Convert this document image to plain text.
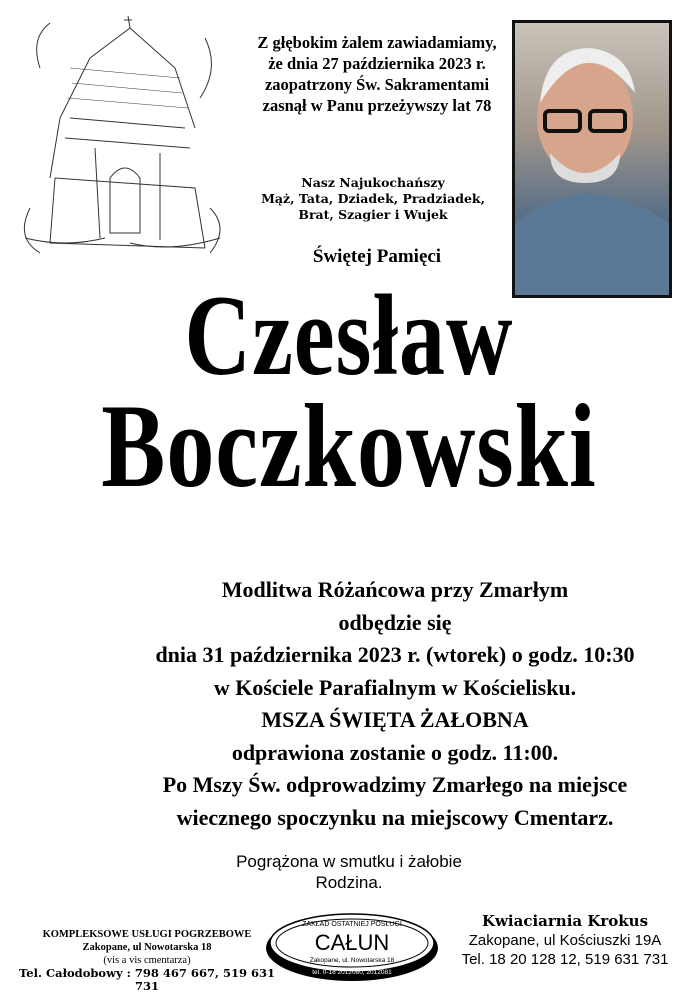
Z głębokim żalem zawiadamiamy,
że dnia 27 października 2023 r.
zaopatrzony Św. Sakramentami
zasnął w Panu przeżywszy lat 78
Nasz Najukochańszy
Mąż, Tata, Dziadek, Pradziadek,
Brat, Szagier i Wujek
Świętej Pamięci
Czesław
Boczkowski
Modlitwa Różańcowa przy Zmarłym
odbędzie się
dnia 31 października 2023 r. (wtorek) o godz. 10:30
w Kościele Parafialnym w Kościelisku.
MSZA ŚWIĘTA ŻAŁOBNA
odprawiona zostanie o godz. 11:00.
Po Mszy Św. odprowadzimy Zmarłego na miejsce
wiecznego spoczynku na miejscowy Cmentarz.
Pogrążona w smutku i żałobie
Rodzina.
KOMPLEKSOWE USŁUGI POGRZEBOWE
Zakopane, ul Nowotarska 18
(vis a vis cmentarza)
Tel. Całodobowy : 798 467 667, 519 631 731
ZAKŁAD OSTATNIEJ POSŁUGI
CAŁUN
Zakopane, ul. Nowotarska 18
tel. 0-18 2012080, 2012081
Kwiaciarnia Krokus
Zakopane, ul Kościuszki 19A
Tel. 18 20 128 12, 519 631 731
